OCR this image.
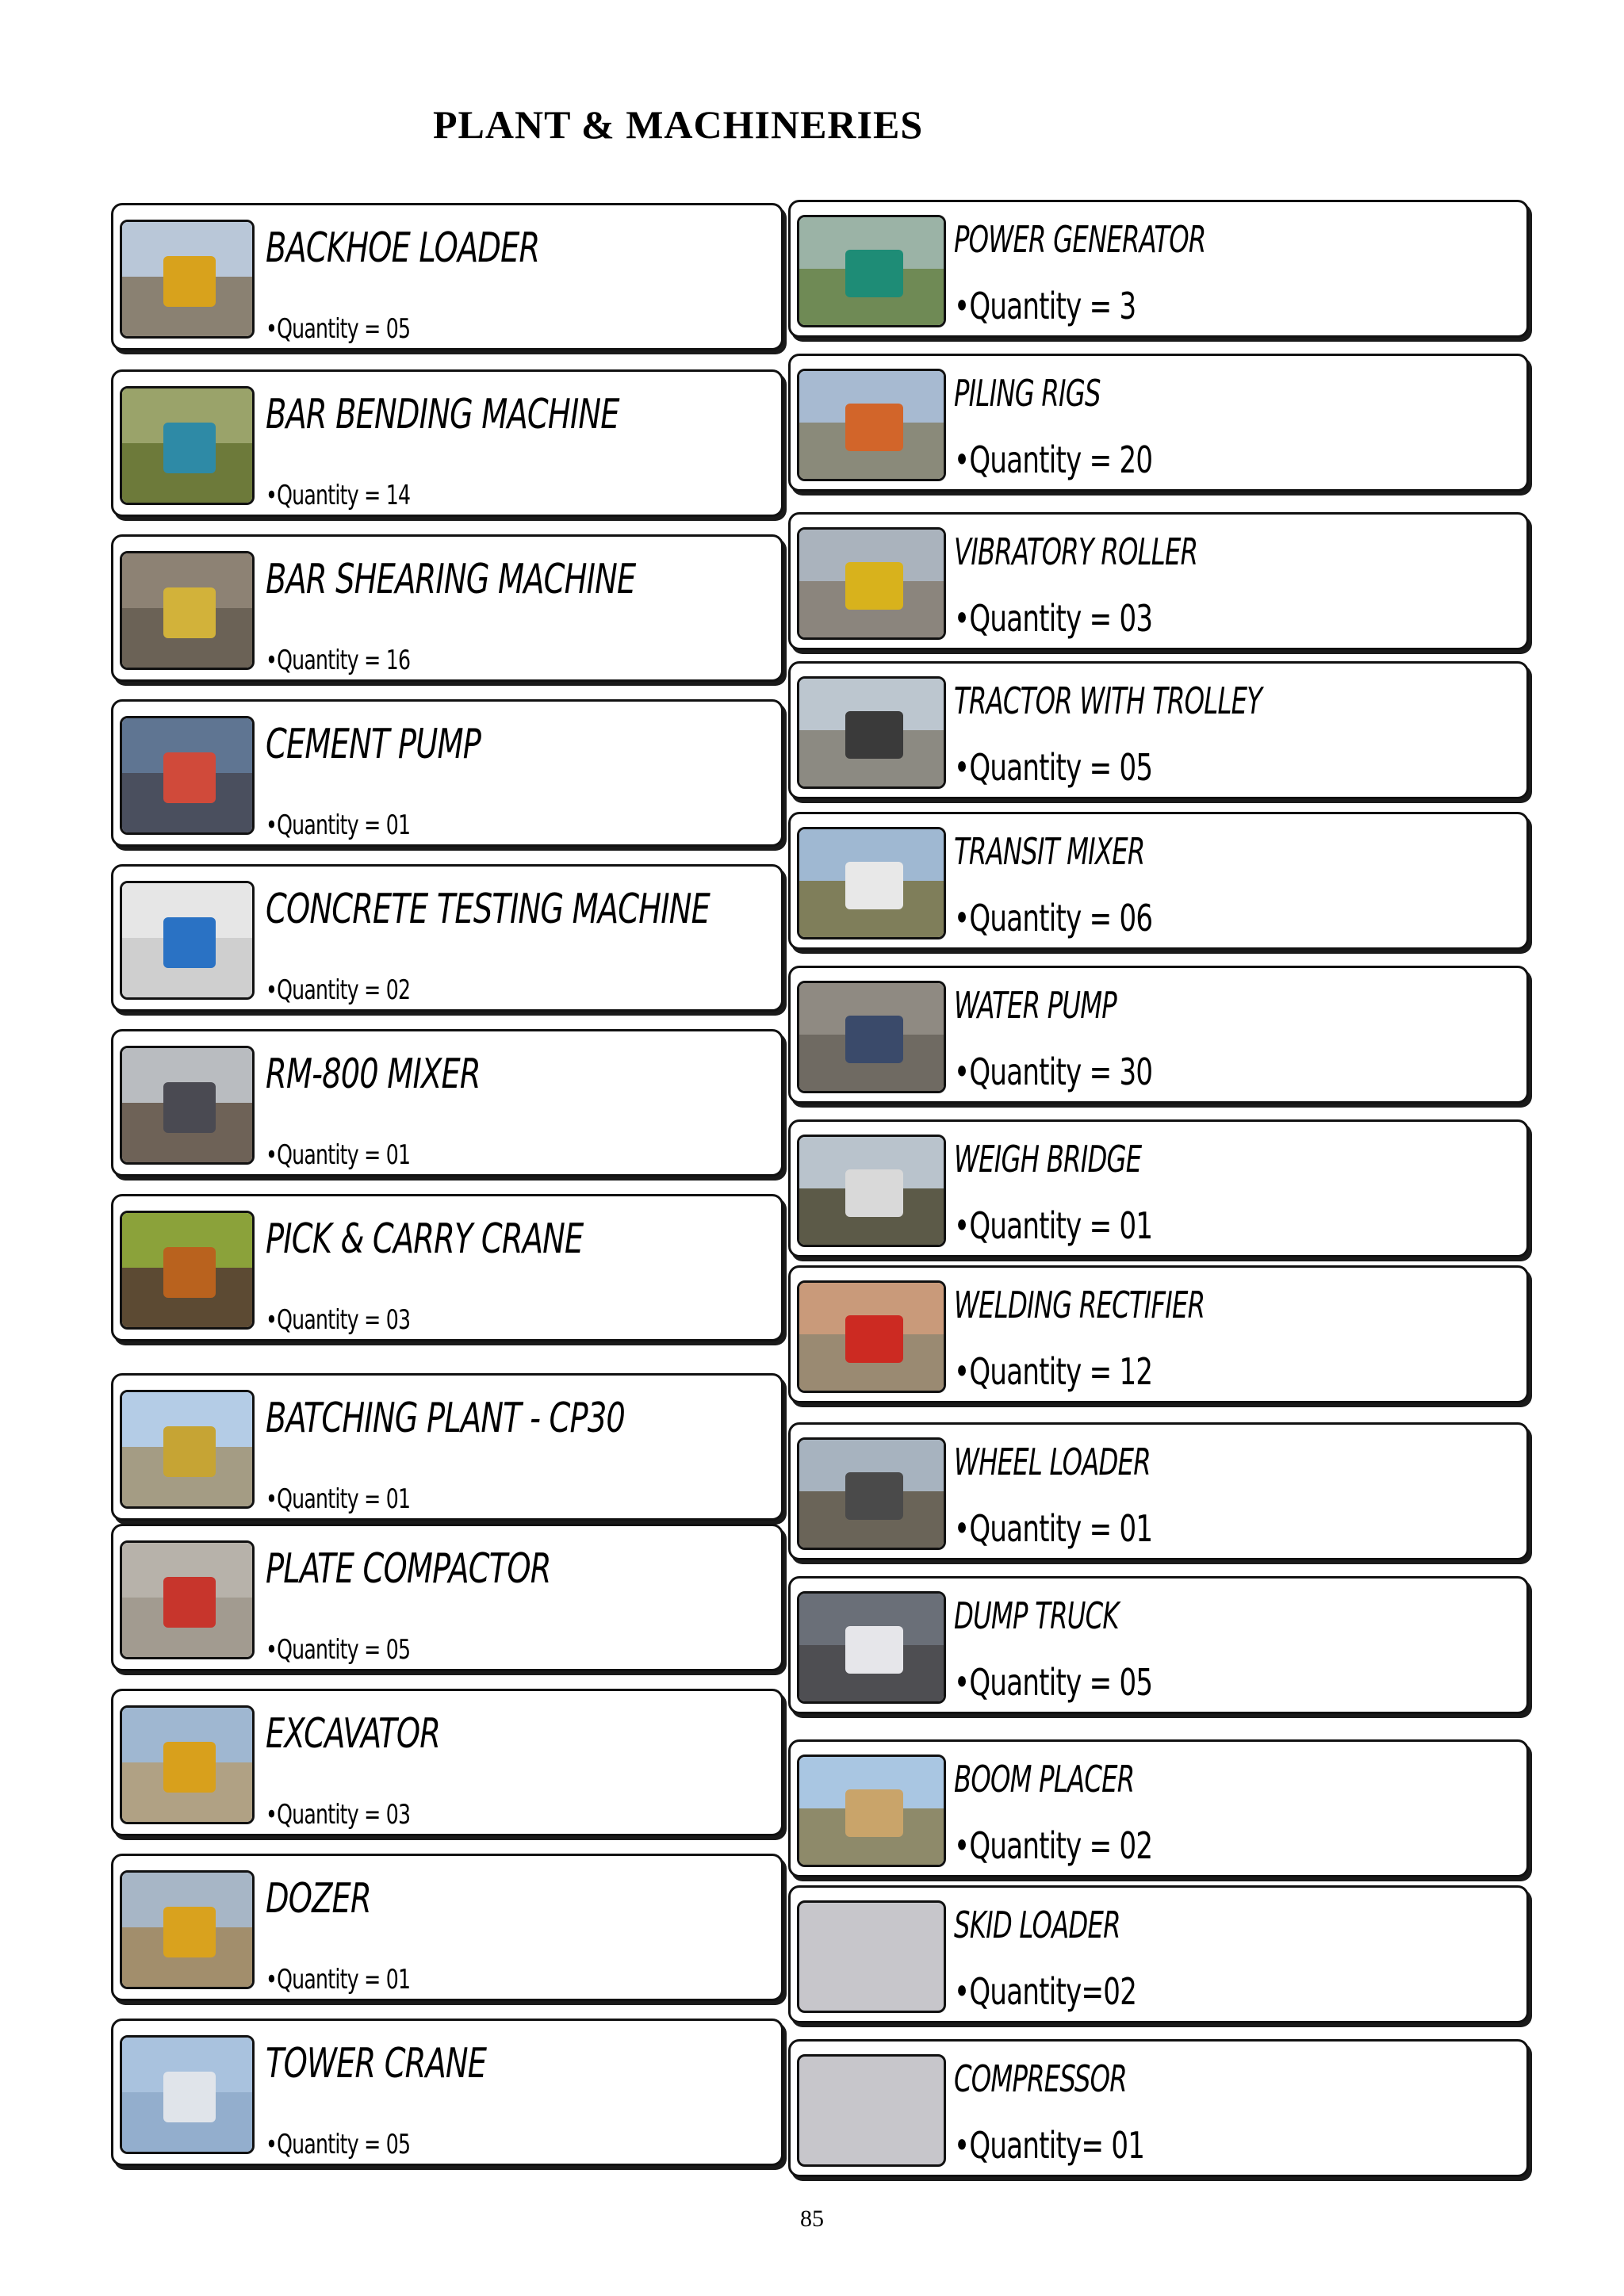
PLANT & MACHINERIES
BACKHOE LOADER
•Quantity = 05
BAR BENDING MACHINE
•Quantity = 14
BAR SHEARING MACHINE
•Quantity = 16
CEMENT PUMP
•Quantity = 01
CONCRETE TESTING MACHINE
•Quantity = 02
RM-800 MIXER
•Quantity = 01
PICK & CARRY CRANE
•Quantity = 03
BATCHING PLANT - CP30
•Quantity = 01
PLATE COMPACTOR
•Quantity = 05
EXCAVATOR
•Quantity = 03
DOZER
•Quantity = 01
TOWER CRANE
•Quantity = 05
POWER GENERATOR
•Quantity = 3
PILING RIGS
•Quantity = 20
VIBRATORY ROLLER
•Quantity = 03
TRACTOR WITH TROLLEY
•Quantity = 05
TRANSIT MIXER
•Quantity = 06
WATER PUMP
•Quantity = 30
WEIGH BRIDGE
•Quantity = 01
WELDING RECTIFIER
•Quantity = 12
WHEEL LOADER
•Quantity = 01
DUMP TRUCK
•Quantity = 05
BOOM PLACER
•Quantity = 02
SKID LOADER
•Quantity=02
COMPRESSOR
•Quantity= 01
85
